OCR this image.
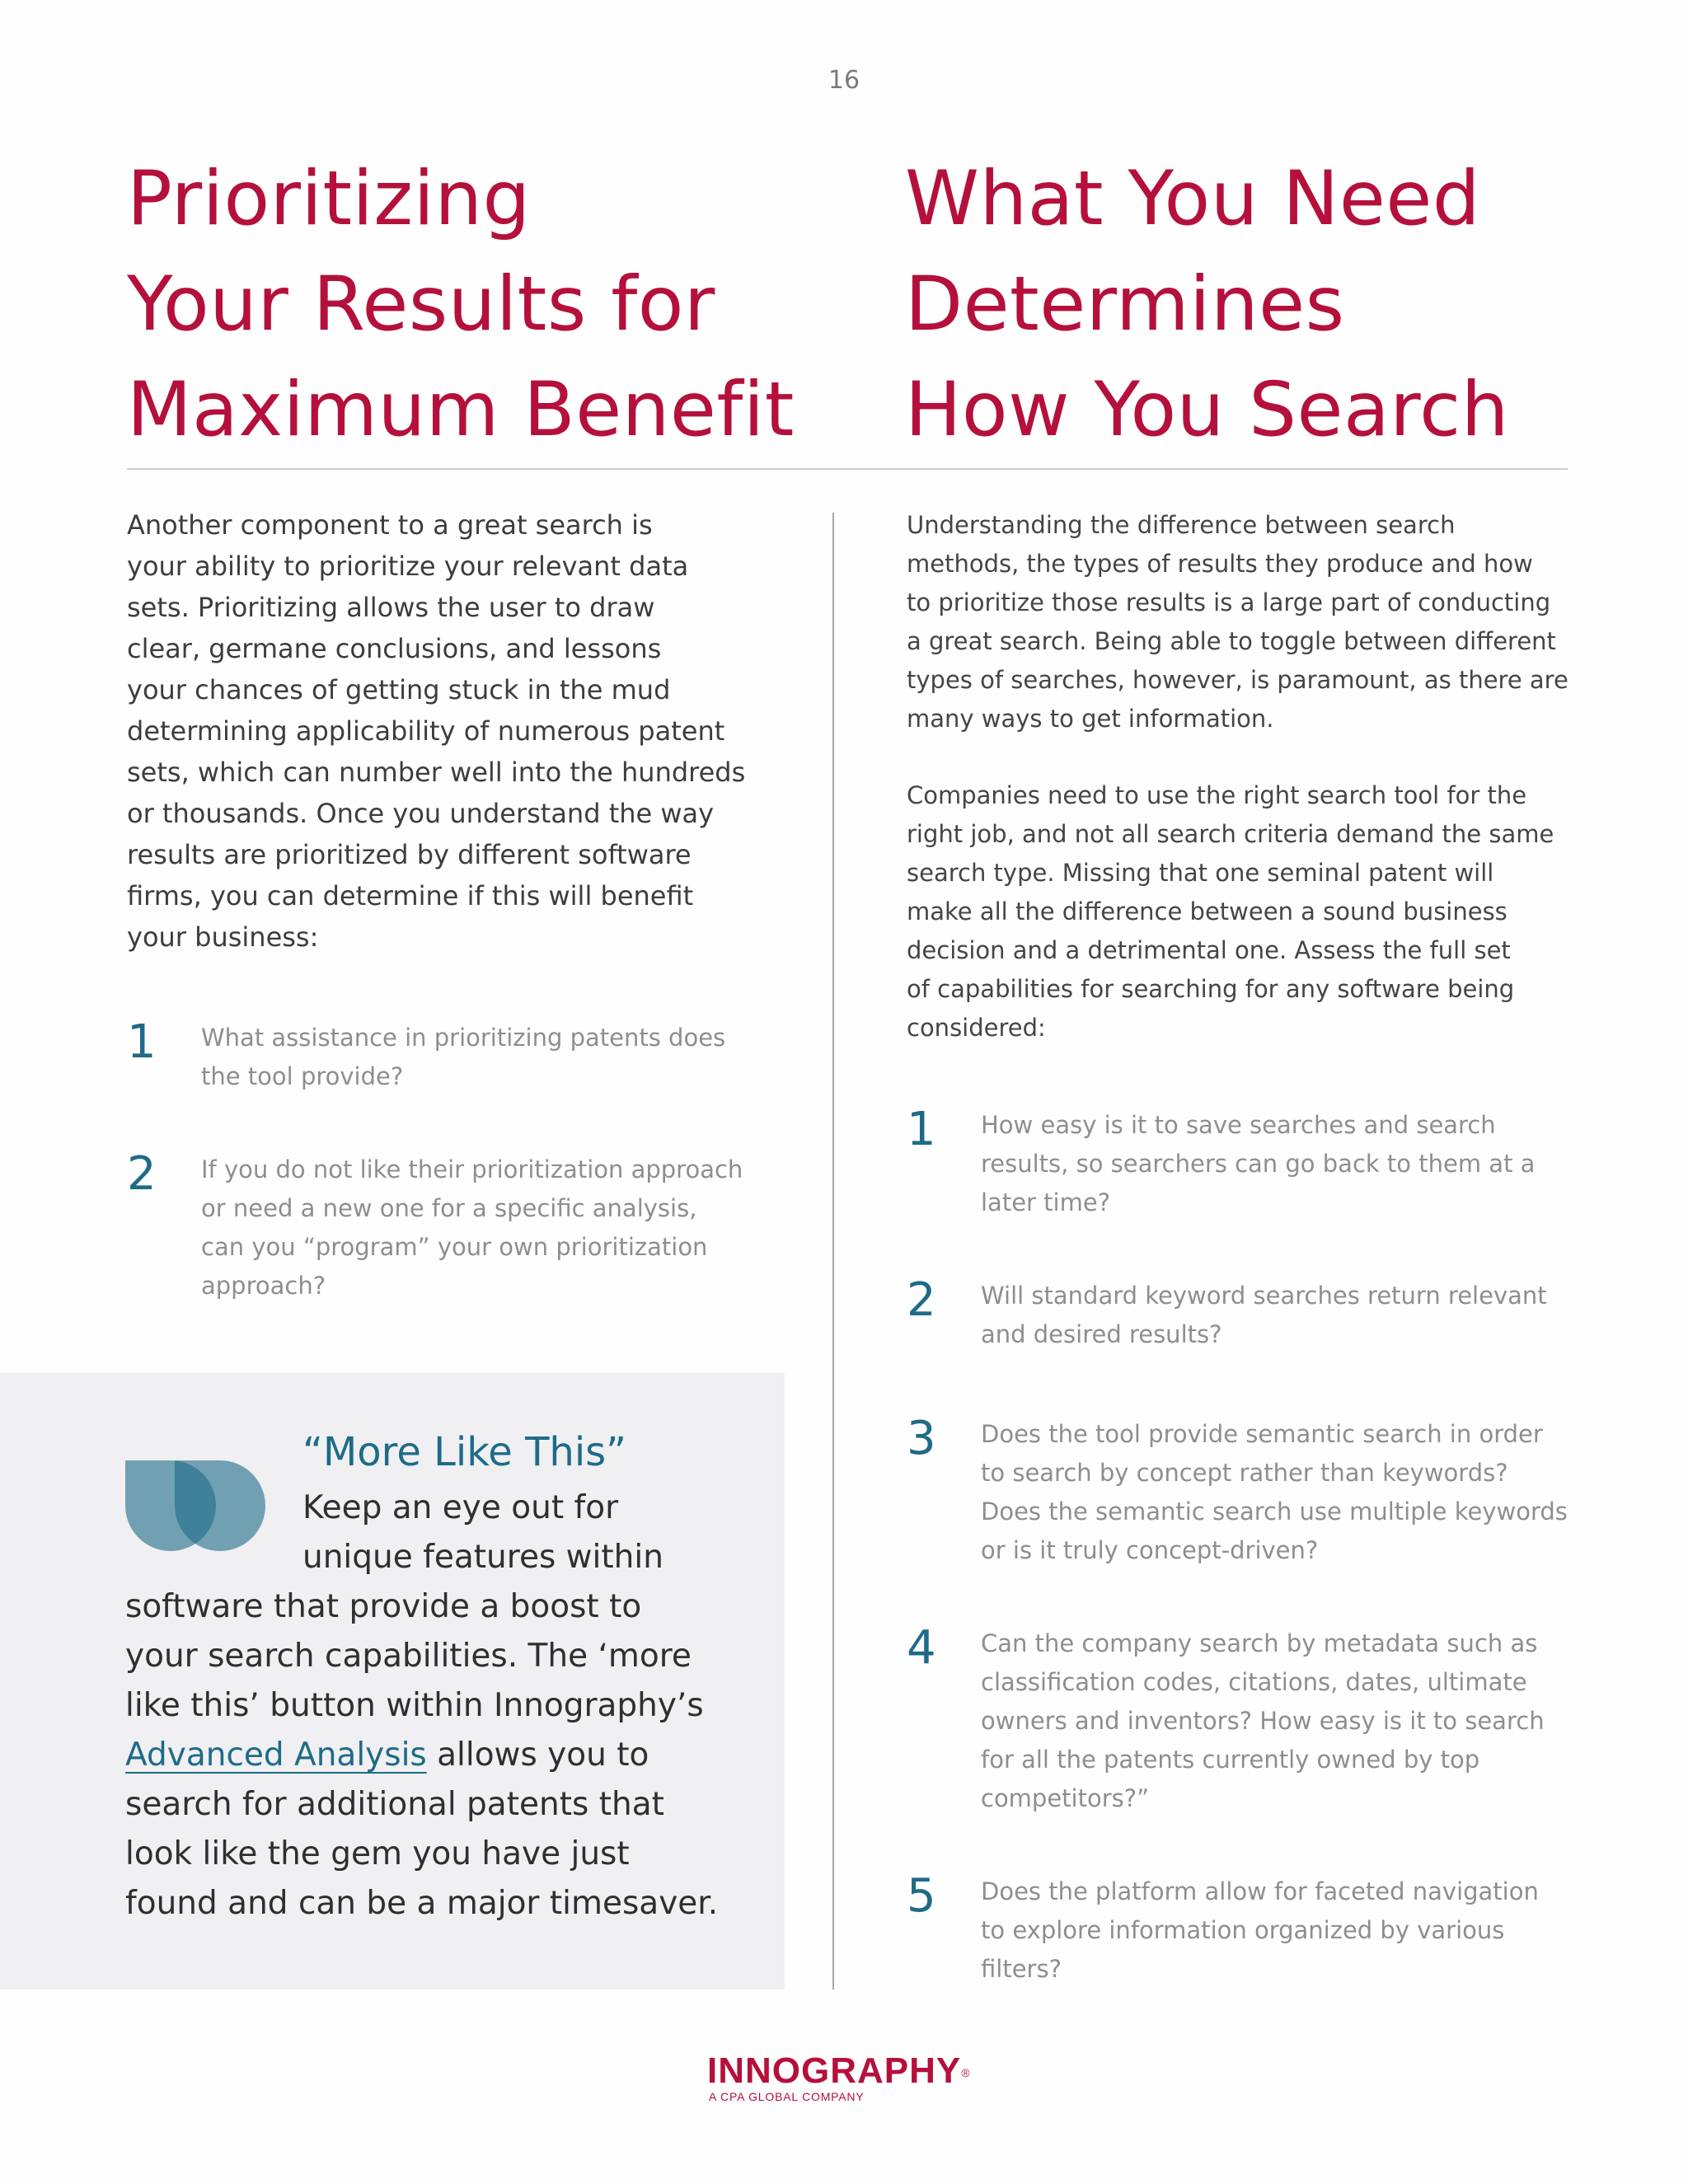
16
Prioritizing
Your Results for
Maximum Benefit
What You Need
Determines
How You Search

Another component to a great search is
your ability to prioritize your relevant data
sets. Prioritizing allows the user to draw
clear, germane conclusions, and lessons
your chances of getting stuck in the mud
determining applicability of numerous patent
sets, which can number well into the hundreds
or thousands. Once you understand the way
results are prioritized by different software
firms, you can determine if this will benefit
your business:

1	What assistance in prioritizing patents does
the tool provide?

2	If you do not like their prioritization approach
or need a new one for a specific analysis,
can you “program” your own prioritization
approach?

“More Like This”
Keep an eye out for
unique features within
software that provide a boost to
your search capabilities. The ‘more
like this’ button within Innography’s
Advanced Analysis allows you to
search for additional patents that
look like the gem you have just
found and can be a major timesaver.

Understanding the difference between search
methods, the types of results they produce and how
to prioritize those results is a large part of conducting
a great search. Being able to toggle between different
types of searches, however, is paramount, as there are
many ways to get information.

Companies need to use the right search tool for the
right job, and not all search criteria demand the same
search type. Missing that one seminal patent will
make all the difference between a sound business
decision and a detrimental one. Assess the full set
of capabilities for searching for any software being
considered:

1	How easy is it to save searches and search
results, so searchers can go back to them at a
later time?

2	Will standard keyword searches return relevant
and desired results?

3	Does the tool provide semantic search in order
to search by concept rather than keywords?
Does the semantic search use multiple keywords
or is it truly concept-driven?

4	Can the company search by metadata such as
classification codes, citations, dates, ultimate
owners and inventors? How easy is it to search
for all the patents currently owned by top
competitors?”

5	Does the platform allow for faceted navigation
to explore information organized by various
filters?

INNOGRAPHY®
A CPA GLOBAL COMPANY
